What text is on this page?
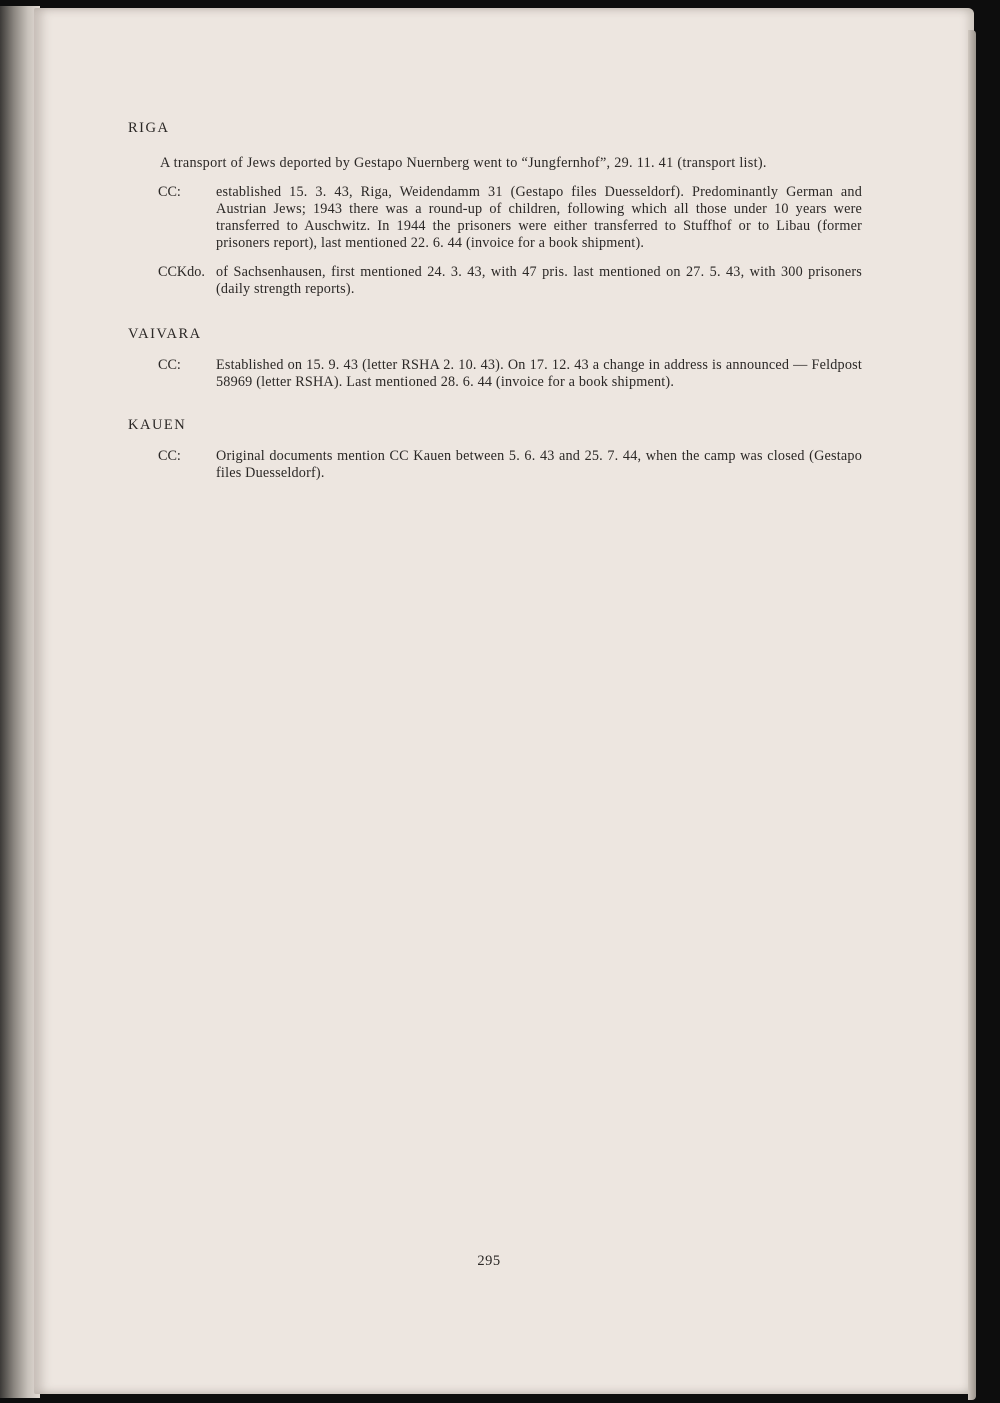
RIGA

A transport of Jews deported by Gestapo Nuernberg went to “Jungfernhof”, 29. 11. 41 (transport list).

CC:	established 15. 3. 43, Riga, Weidendamm 31 (Gestapo files Duesseldorf). Predominantly German and Austrian Jews; 1943 there was a round-up of children, following which all those under 10 years were transferred to Auschwitz. In 1944 the prisoners were either transferred to Stuffhof or to Libau (former prisoners report), last mentioned 22. 6. 44 (invoice for a book shipment).
CCKdo. of Sachsenhausen, first mentioned 24. 3. 43, with 47 pris. last mentioned on 27. 5. 43, with 300 prisoners (daily strength reports).

VAIVARA

CC:	Established on 15. 9. 43 (letter RSHA 2. 10. 43). On 17. 12. 43 a change in address is announced — Feldpost 58969 (letter RSHA). Last mentioned 28. 6. 44 (invoice for a book shipment).

KAUEN

CC:	Original documents mention CC Kauen between 5. 6. 43 and 25. 7. 44, when the camp was closed (Gestapo files Duesseldorf).
295
